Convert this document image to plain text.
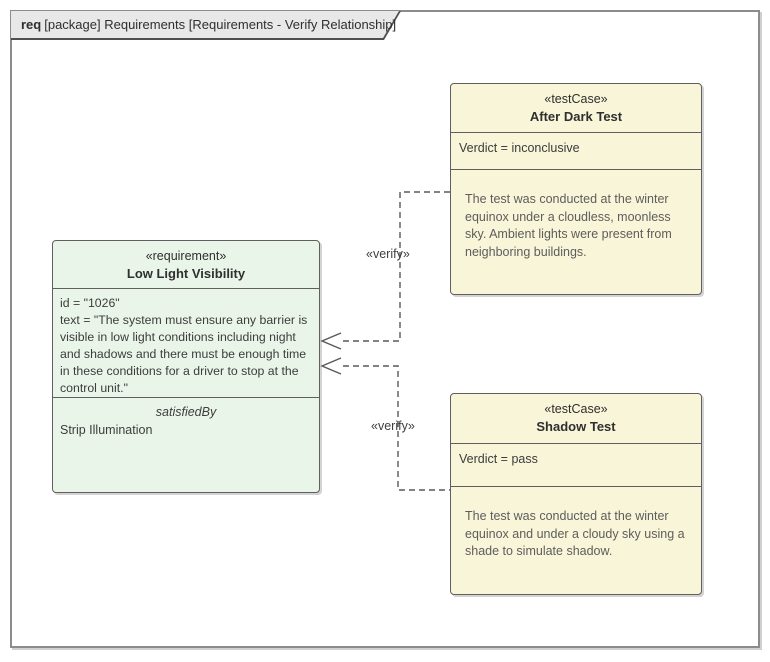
req [package] Requirements [Requirements - Verify Relationship]
«verify»
«verify»
«requirement»
Low Light Visibility
id = "1026"
text = "The system must ensure any barrier is visible in low light conditions including night and shadows and there must be enough time in these conditions for a driver to stop at the control unit."
satisfiedBy
Strip Illumination
«testCase»
After Dark Test
Verdict = inconclusive
The test was conducted at the winter equinox under a cloudless, moonless sky. Ambient lights were present from neighboring buildings.
«testCase»
Shadow Test
Verdict = pass
The test was conducted at the winter equinox and under a cloudy sky using a shade to simulate shadow.
